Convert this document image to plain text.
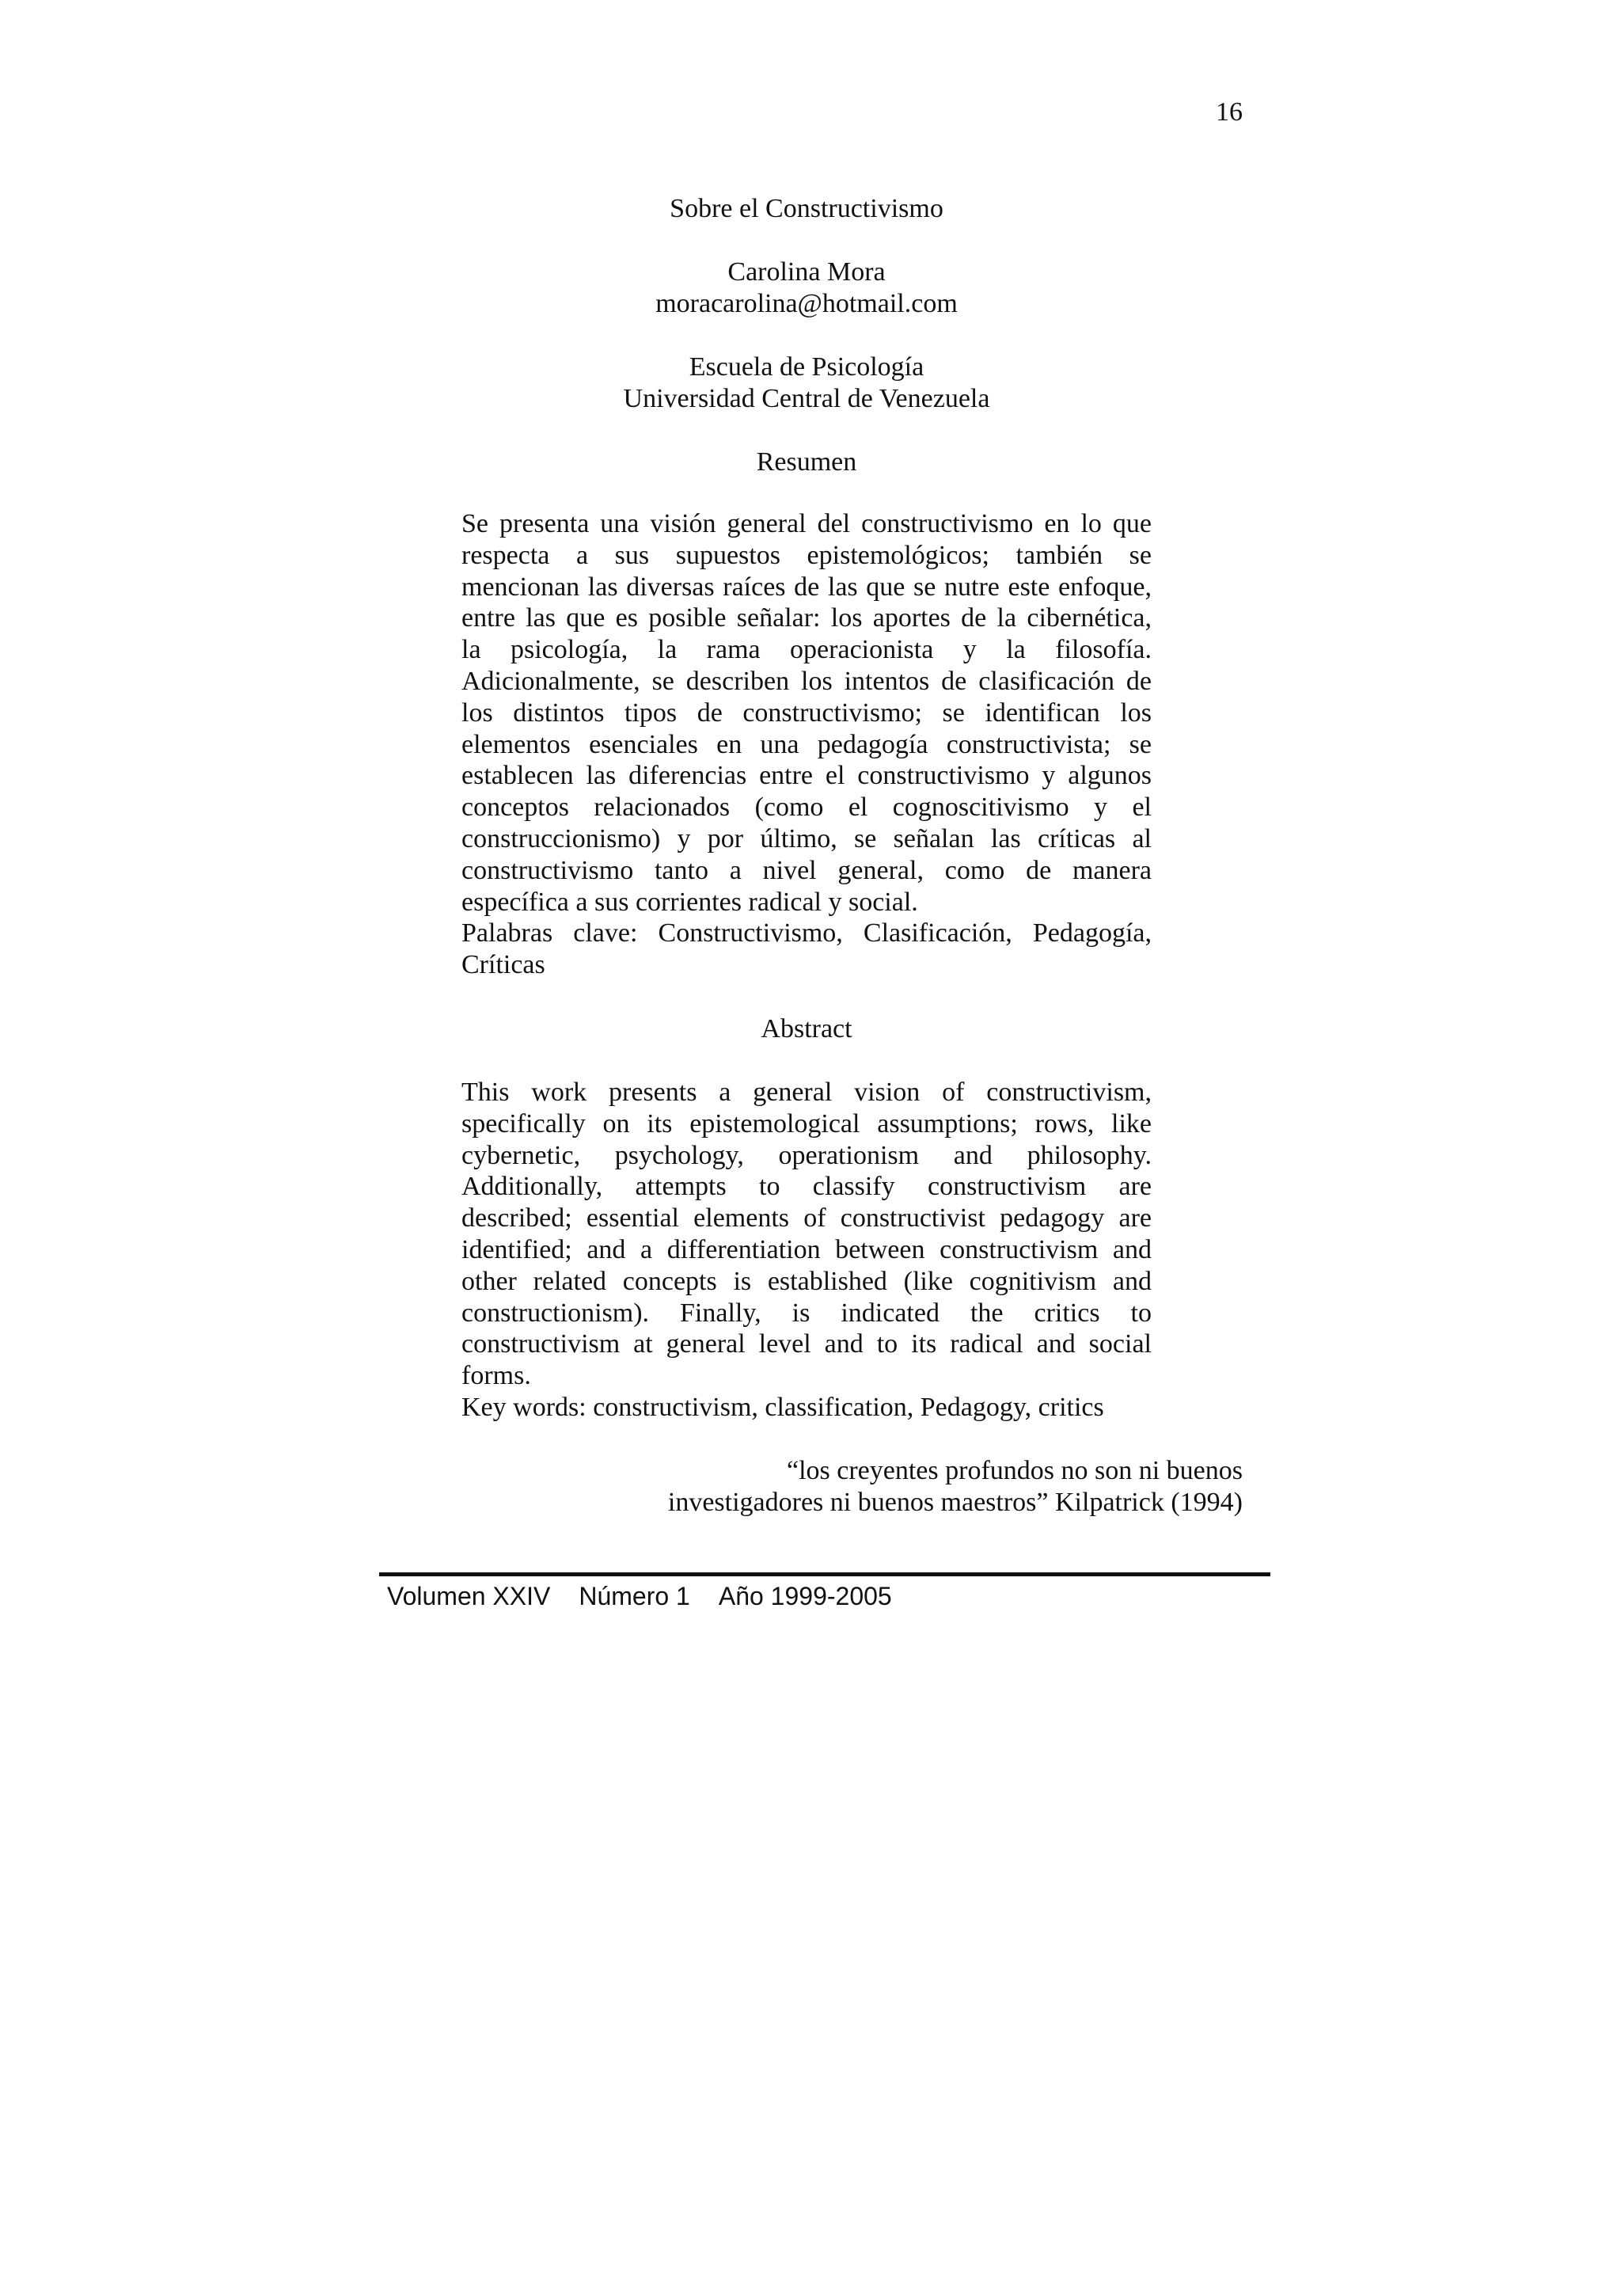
16
Sobre el Constructivismo
Carolina Mora
moracarolina@hotmail.com
Escuela de Psicología
Universidad Central de Venezuela
Resumen
Se presenta una visión general del constructivismo en lo que
respecta a sus supuestos epistemológicos; también se
mencionan las diversas raíces de las que se nutre este enfoque,
entre las que es posible señalar: los aportes de la cibernética,
la psicología, la rama operacionista y la filosofía.
Adicionalmente, se describen los intentos de clasificación de
los distintos tipos de constructivismo; se identifican los
elementos esenciales en una pedagogía constructivista; se
establecen las diferencias entre el constructivismo y algunos
conceptos relacionados (como el cognoscitivismo y el
construccionismo) y por último, se señalan las críticas al
constructivismo tanto a nivel general, como de manera
específica a sus corrientes radical y social.
Palabras clave: Constructivismo, Clasificación, Pedagogía,
Críticas
Abstract
This work presents a general vision of constructivism,
specifically on its epistemological assumptions; rows, like
cybernetic, psychology, operationism and philosophy.
Additionally, attempts to classify constructivism are
described; essential elements of constructivist pedagogy are
identified; and a differentiation between constructivism and
other related concepts is established (like cognitivism and
constructionism). Finally, is indicated the critics to
constructivism at general level and to its radical and social
forms.
Key words: constructivism, classification, Pedagogy, critics
“los creyentes profundos no son ni buenos
investigadores ni buenos maestros” Kilpatrick (1994)
Volumen XXIV Número 1 Año 1999-2005
